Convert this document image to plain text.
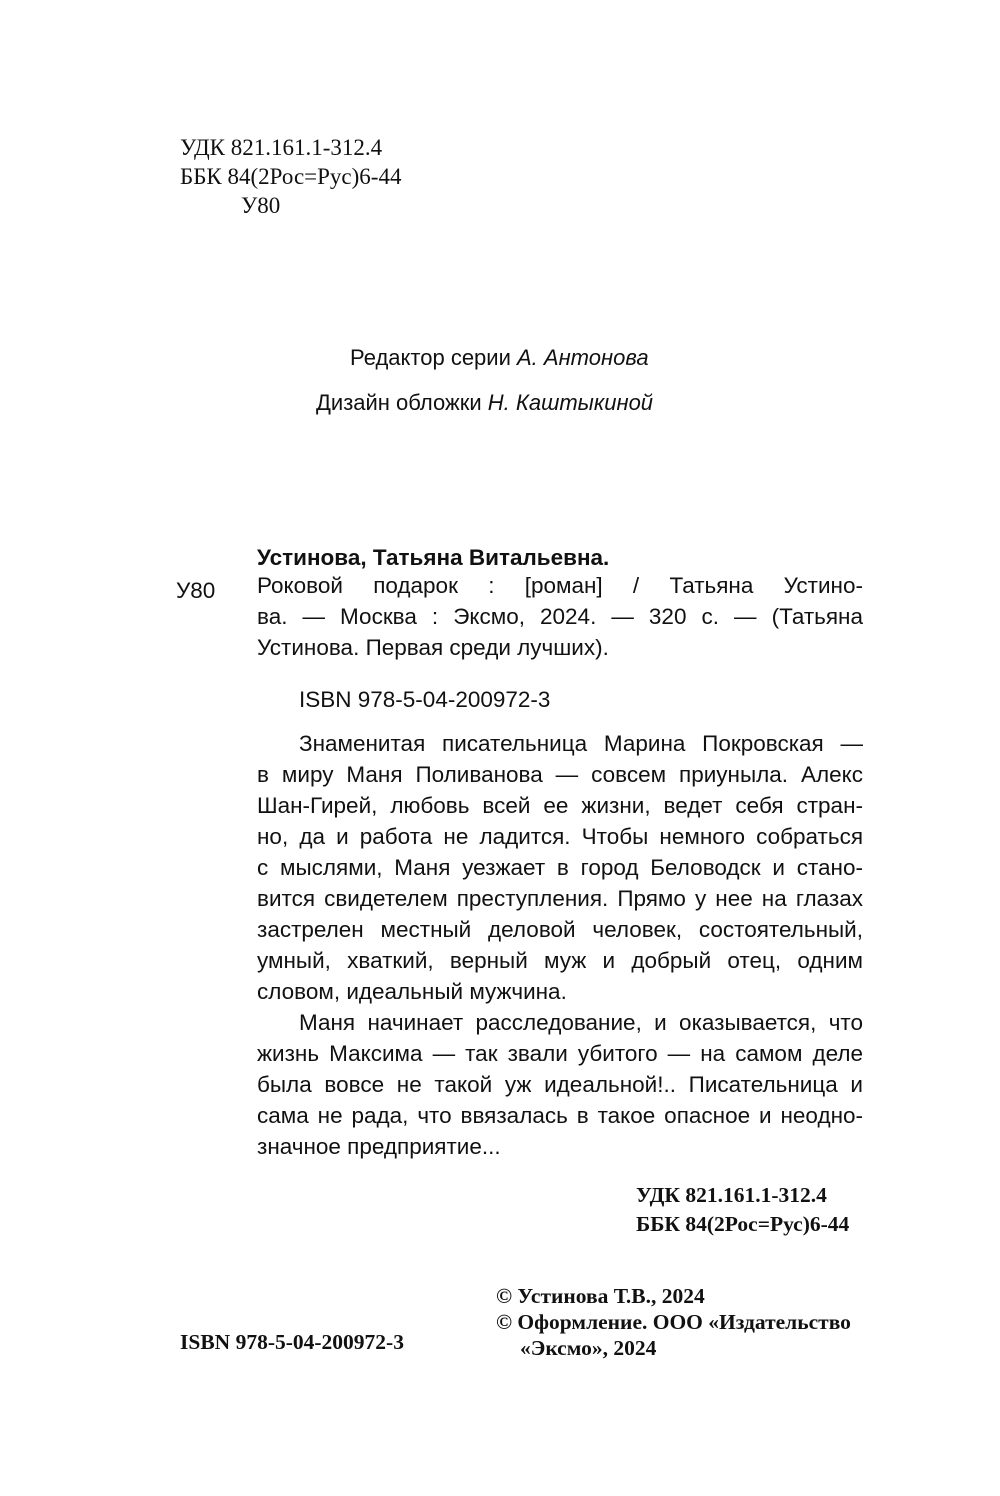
УДК 821.161.1-312.4
ББК 84(2Рос=Рус)6-44
У80
Редактор серии А. Антонова
Дизайн обложки Н. Каштыкиной
Устинова, Татьяна Витальевна.
У80 Роковой подарок : [роман] / Татьяна Устино-
ва. — Москва : Эксмо, 2024. — 320 с. — (Татьяна
Устинова. Первая среди лучших).
ISBN 978-5-04-200972-3
Знаменитая писательница Марина Покровская —
в миру Маня Поливанова — совсем приуныла. Алекс
Шан-Гирей, любовь всей ее жизни, ведет себя стран-
но, да и работа не ладится. Чтобы немного собраться
с мыслями, Маня уезжает в город Беловодск и стано-
вится свидетелем преступления. Прямо у нее на глазах
застрелен местный деловой человек, состоятельный,
умный, хваткий, верный муж и добрый отец, одним
словом, идеальный мужчина.
Маня начинает расследование, и оказывается, что
жизнь Максима — так звали убитого — на самом деле
была вовсе не такой уж идеальной!.. Писательница и
сама не рада, что ввязалась в такое опасное и неодно-
значное предприятие...
УДК 821.161.1-312.4
ББК 84(2Рос=Рус)6-44
© Устинова Т.В., 2024
© Оформление. ООО «Издательство
«Эксмо», 2024
ISBN 978-5-04-200972-3
